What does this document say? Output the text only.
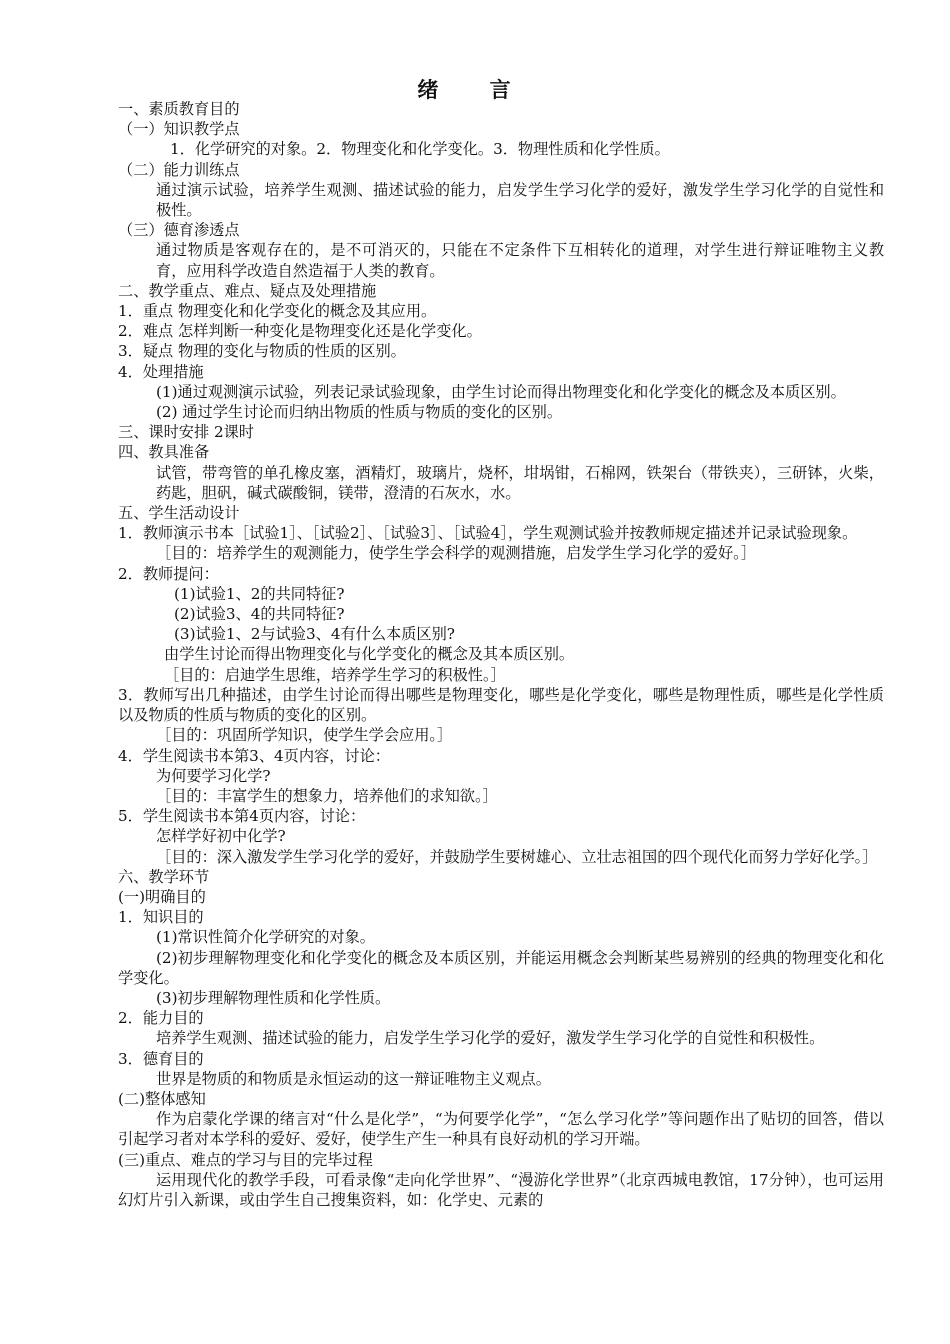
绪 言
一、素质教育目的
（一）知识教学点
1．化学研究的对象。2．物理变化和化学变化。3．物理性质和化学性质。
（二）能力训练点
通过演示试验，培养学生观测、描述试验的能力，启发学生学习化学的爱好，激发学生学习化学的自觉性和极性。
（三）德育渗透点
通过物质是客观存在的，是不可消灭的，只能在不定条件下互相转化的道理，对学生进行辩证唯物主义教育，应用科学改造自然造福于人类的教育。
二、教学重点、难点、疑点及处理措施
1．重点 物理变化和化学变化的概念及其应用。
2．难点 怎样判断一种变化是物理变化还是化学变化。
3．疑点 物理的变化与物质的性质的区别。
4．处理措施
(1)通过观测演示试验，列表记录试验现象，由学生讨论而得出物理变化和化学变化的概念及本质区别。
(2) 通过学生讨论而归纳出物质的性质与物质的变化的区别。
三、课时安排 2课时
四、教具准备
试管，带弯管的单孔橡皮塞，酒精灯，玻璃片，烧杯，坩埚钳，石棉网，铁架台（带铁夹），三研钵，火柴，药匙，胆矾，碱式碳酸铜，镁带，澄清的石灰水，水。
五、学生活动设计
1．教师演示书本［试验1］、［试验2］、［试验3］、［试验4］，学生观测试验并按教师规定描述并记录试验现象。
［目的：培养学生的观测能力，使学生学会科学的观测措施，启发学生学习化学的爱好。］
2．教师提问：
(1)试验1、2的共同特征?
(2)试验3、4的共同特征?
(3)试验1、2与试验3、4有什么本质区别?
由学生讨论而得出物理变化与化学变化的概念及其本质区别。
［目的：启迪学生思维，培养学生学习的积极性。］
3．教师写出几种描述，由学生讨论而得出哪些是物理变化，哪些是化学变化，哪些是物理性质，哪些是化学性质以及物质的性质与物质的变化的区别。
［目的：巩固所学知识，使学生学会应用。］
4．学生阅读书本第3、4页内容，讨论：
为何要学习化学?
［目的：丰富学生的想象力，培养他们的求知欲。］
5．学生阅读书本第4页内容，讨论：
怎样学好初中化学?
［目的：深入激发学生学习化学的爱好，并鼓励学生要树雄心、立壮志祖国的四个现代化而努力学好化学。］
六、教学环节
(一)明确目的
1．知识目的
(1)常识性简介化学研究的对象。
(2)初步理解物理变化和化学变化的概念及本质区别，并能运用概念会判断某些易辨别的经典的物理变化和化学变化。
(3)初步理解物理性质和化学性质。
2．能力目的
培养学生观测、描述试验的能力，启发学生学习化学的爱好，激发学生学习化学的自觉性和积极性。
3．德育目的
世界是物质的和物质是永恒运动的这一辩证唯物主义观点。
(二)整体感知
作为启蒙化学课的绪言对“什么是化学”，“为何要学化学”，“怎么学习化学”等问题作出了贴切的回答，借以引起学习者对本学科的爱好、爱好，使学生产生一种具有良好动机的学习开端。
(三)重点、难点的学习与目的完毕过程
运用现代化的教学手段，可看录像“走向化学世界”、“漫游化学世界”（北京西城电教馆，17分钟），也可运用幻灯片引入新课，或由学生自己搜集资料，如：化学史、元素的
